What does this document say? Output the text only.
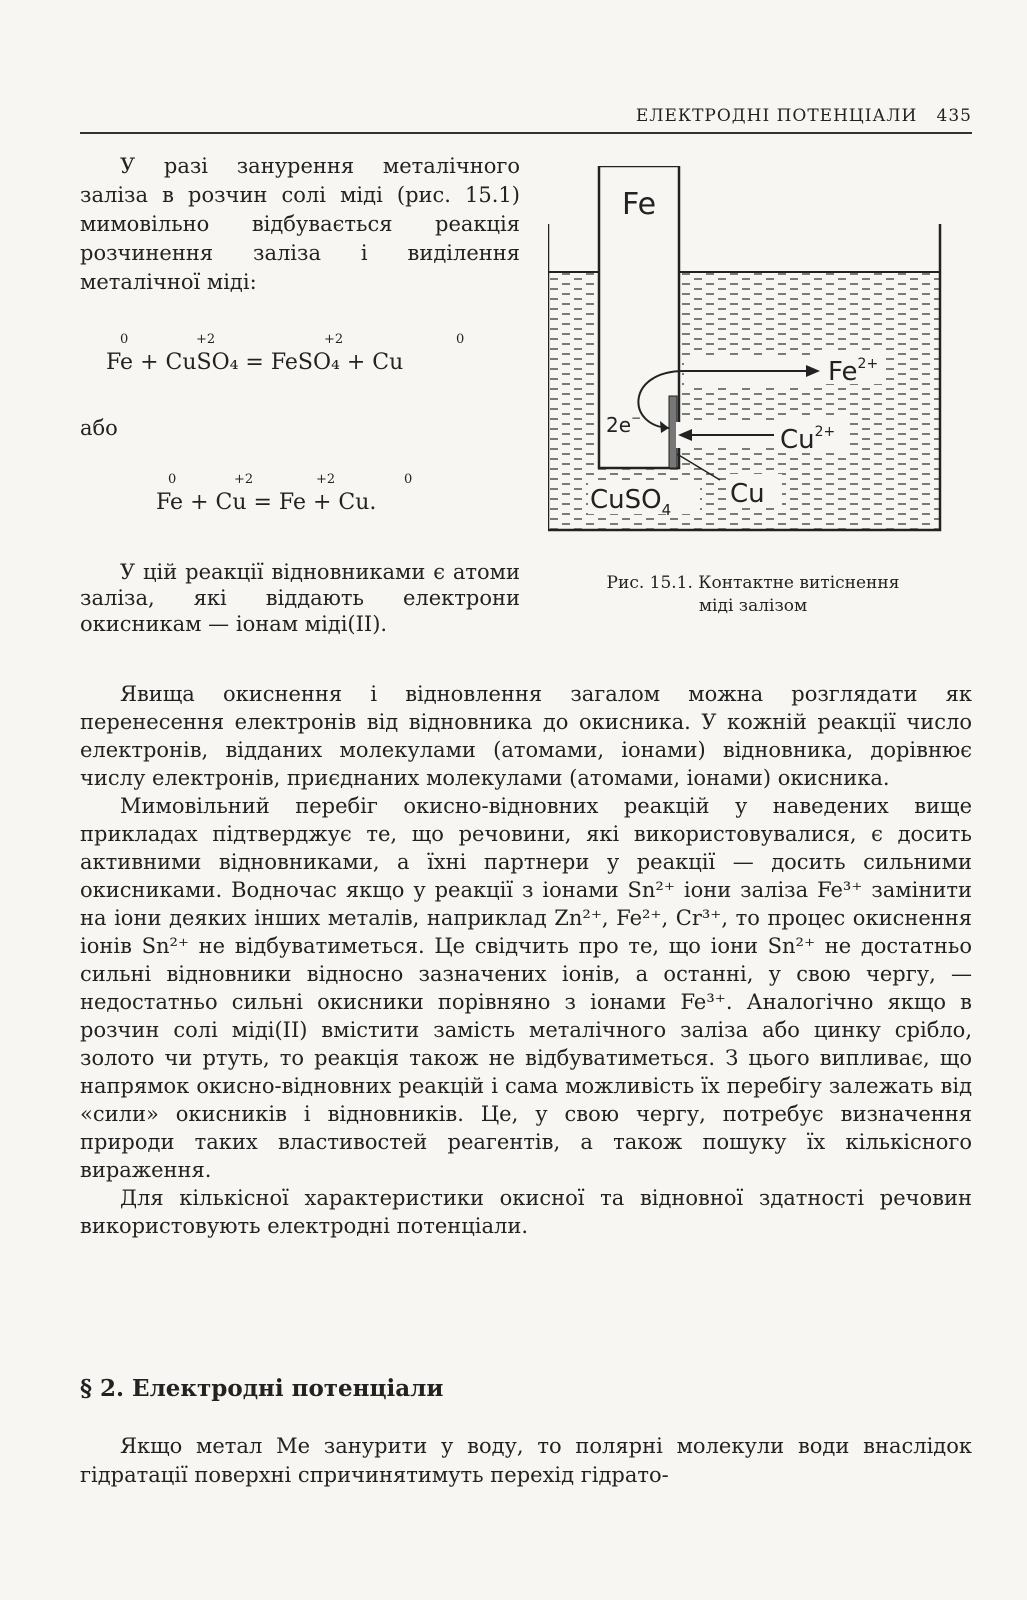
ЕЛЕКТРОДНІ ПОТЕНЦІАЛИ 435

У разі занурення металічного заліза в розчин солі міді (рис. 15.1) мимовільно відбувається реакція розчинення заліза і виділення металічної міді:

0	+2	+2	0
Fe + CuSO₄ = FeSO₄ + Cu
або
0	+2	+2	0
Fe + Cu = Fe + Cu.

У цій реакції відновниками є атоми заліза, які віддають електрони окисникам — іонам міді(II).

Fe
2e−
$Fe^{2+}$
$Cu^{2+}$
CuSO$_4$
Cu
Рис. 15.1. Контактне витіснення
міді залізом

Явища окиснення і відновлення загалом можна розглядати як перенесення електронів від відновника до окисника. У кожній реакції число електронів, відданих молекулами (атомами, іонами) відновника, дорівнює числу електронів, приєднаних молекулами (атомами, іонами) окисника.

Мимовільний перебіг окисно-відновних реакцій у наведених вище прикладах підтверджує те, що речовини, які використовувалися, є досить активними відновниками, а їхні партнери у реакції — досить сильними окисниками. Водночас якщо у реакції з іонами Sn²⁺ іони заліза Fe³⁺ замінити на іони деяких інших металів, наприклад Zn²⁺, Fe²⁺, Cr³⁺, то процес окиснення іонів Sn²⁺ не відбуватиметься. Це свідчить про те, що іони Sn²⁺ не достатньо сильні відновники відносно зазначених іонів, а останні, у свою чергу, — недостатньо сильні окисники порівняно з іонами Fe³⁺. Аналогічно якщо в розчин солі міді(II) вмістити замість металічного заліза або цинку срібло, золото чи ртуть, то реакція також не відбуватиметься. З цього випливає, що напрямок окисно-відновних реакцій і сама можливість їх перебігу залежать від «сили» окисників і відновників. Це, у свою чергу, потребує визначення природи таких властивостей реагентів, а також пошуку їх кількісного вираження.

Для кількісної характеристики окисної та відновної здатності речовин використовують електродні потенціали.

§ 2. Електродні потенціали

Якщо метал Me занурити у воду, то полярні молекули води внаслідок гідратації поверхні спричинятимуть перехід гідрато-
